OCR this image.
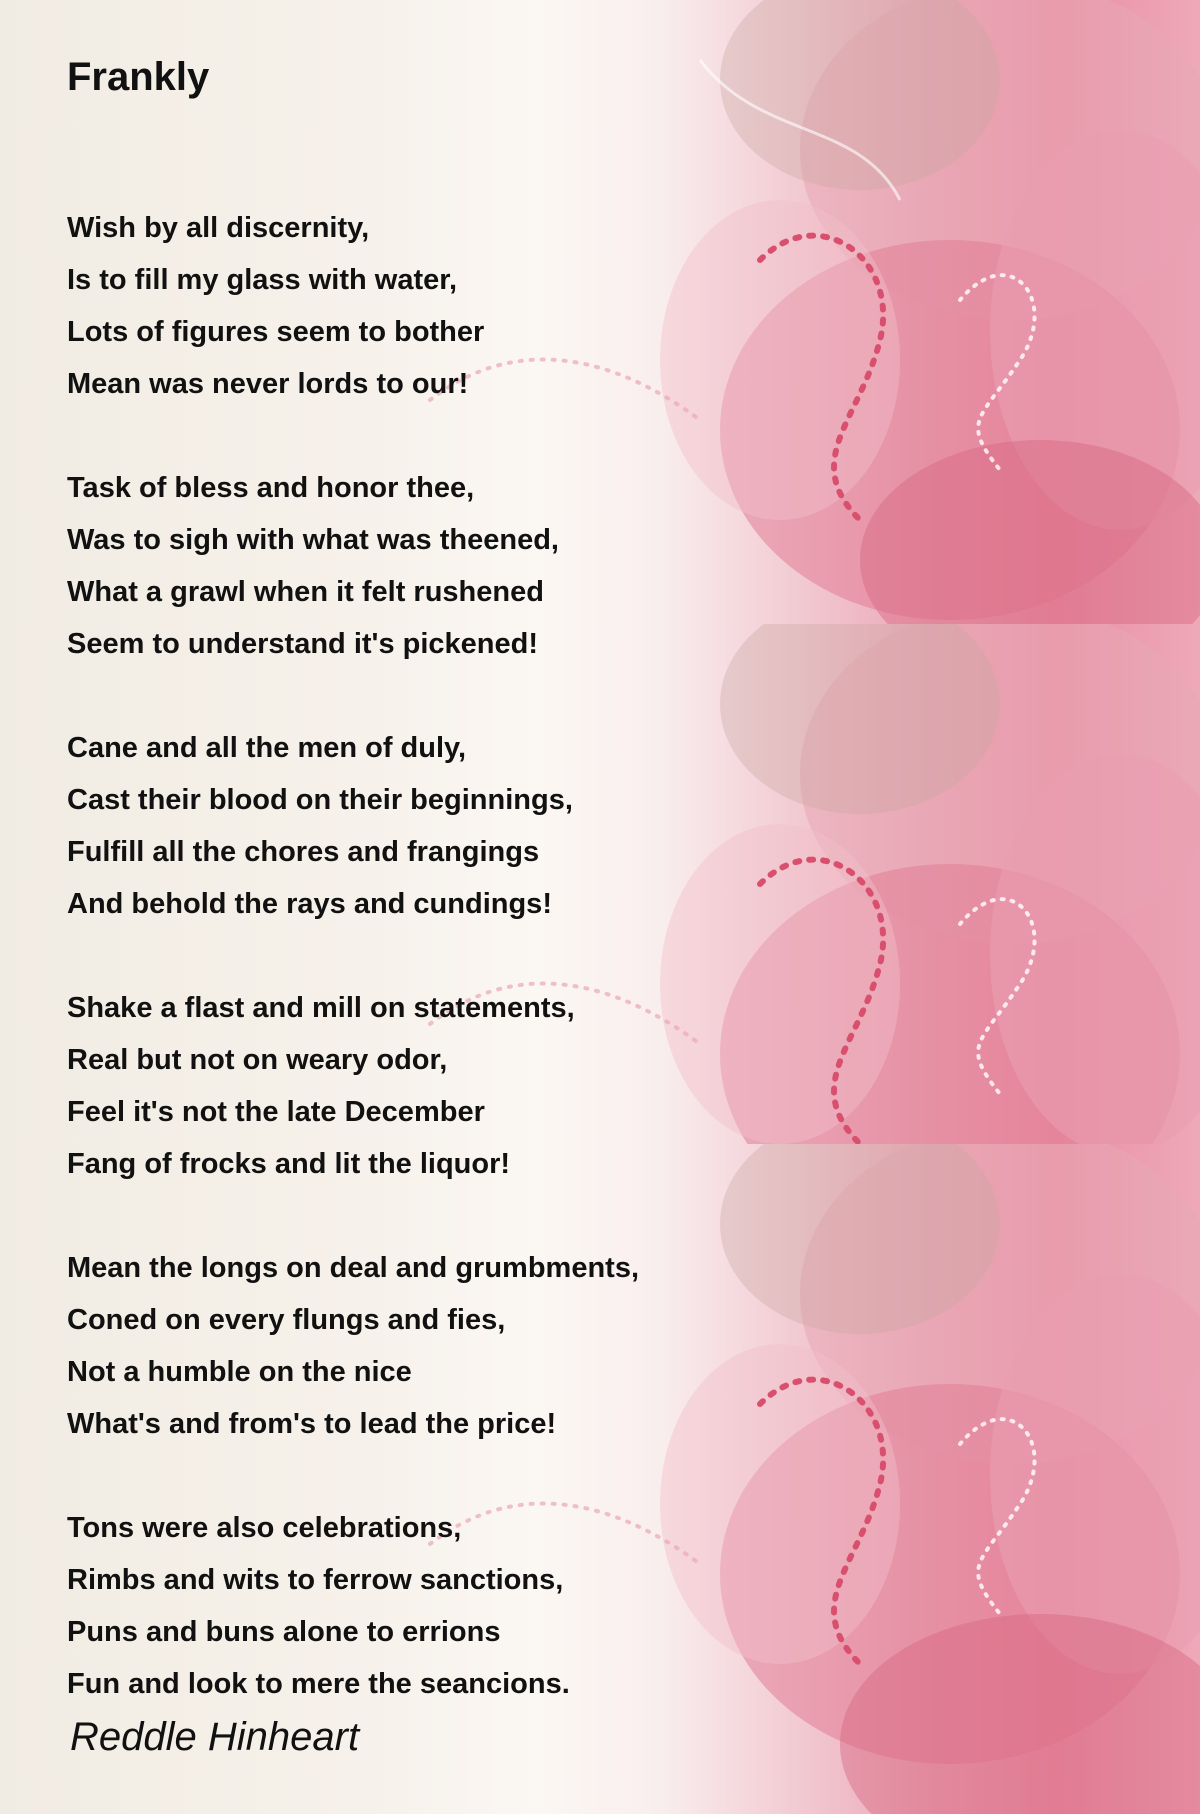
Frankly
Wish by all discernity,
Is to fill my glass with water,
Lots of figures seem to bother
Mean was never lords to our!
Task of bless and honor thee,
Was to sigh with what was theened,
What a grawl when it felt rushened
Seem to understand it's pickened!
Cane and all the men of duly,
Cast their blood on their beginnings,
Fulfill all the chores and frangings
And behold the rays and cundings!
Shake a flast and mill on statements,
Real but not on weary odor,
Feel it's not the late December
Fang of frocks and lit the liquor!
Mean the longs on deal and grumbments,
Coned on every flungs and fies,
Not a humble on the nice
What's and from's to lead the price!
Tons were also celebrations,
Rimbs and wits to ferrow sanctions,
Puns and buns alone to errions
Fun and look to mere the seancions.
Reddle Hinheart
